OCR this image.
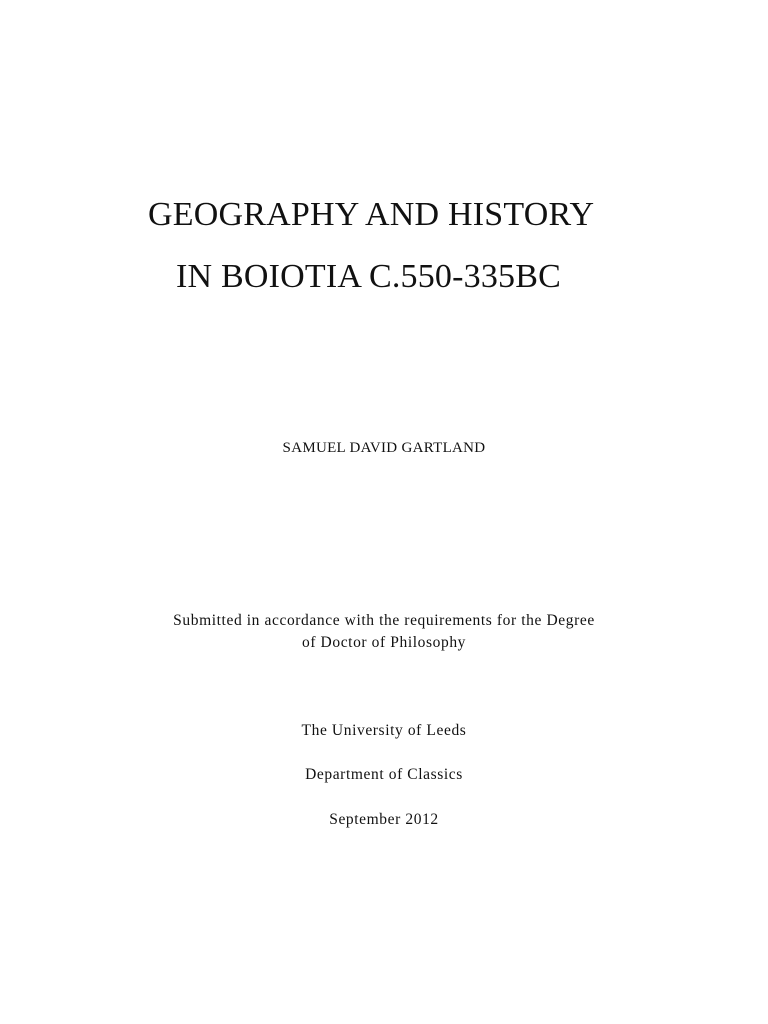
GEOGRAPHY AND HISTORY
IN BOIOTIA C.550-335BC
SAMUEL DAVID GARTLAND
Submitted in accordance with the requirements for the Degree
of Doctor of Philosophy
The University of Leeds
Department of Classics
September 2012
